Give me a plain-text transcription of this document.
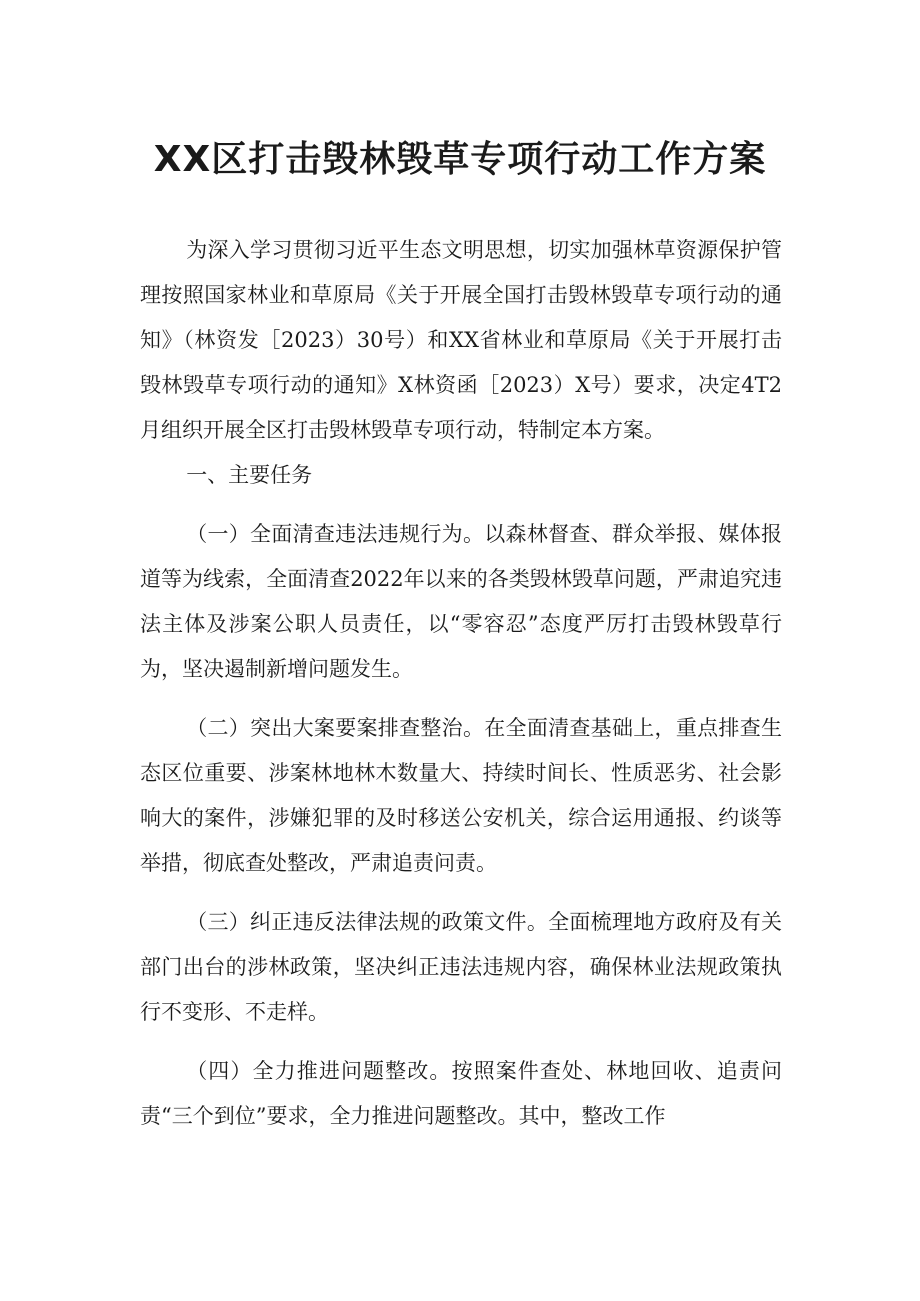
XX区打击毁林毁草专项行动工作方案

为深入学习贯彻习近平生态文明思想，切实加强林草资源保护管理按照国家林业和草原局《关于开展全国打击毁林毁草专项行动的通知》（林资发［2023）30号）和XX省林业和草原局《关于开展打击毁林毁草专项行动的通知》X林资函［2023）X号）要求，决定4T2月组织开展全区打击毁林毁草专项行动，特制定本方案。

一、主要任务

（一）全面清查违法违规行为。以森林督查、群众举报、媒体报道等为线索，全面清查2022年以来的各类毁林毁草问题，严肃追究违法主体及涉案公职人员责任，以“零容忍”态度严厉打击毁林毁草行为，坚决遏制新增问题发生。

（二）突出大案要案排查整治。在全面清查基础上，重点排查生态区位重要、涉案林地林木数量大、持续时间长、性质恶劣、社会影响大的案件，涉嫌犯罪的及时移送公安机关，综合运用通报、约谈等举措，彻底查处整改，严肃追责问责。

（三）纠正违反法律法规的政策文件。全面梳理地方政府及有关部门出台的涉林政策，坚决纠正违法违规内容，确保林业法规政策执行不变形、不走样。

（四）全力推进问题整改。按照案件查处、林地回收、追责问责“三个到位”要求，全力推进问题整改。其中，整改工作
